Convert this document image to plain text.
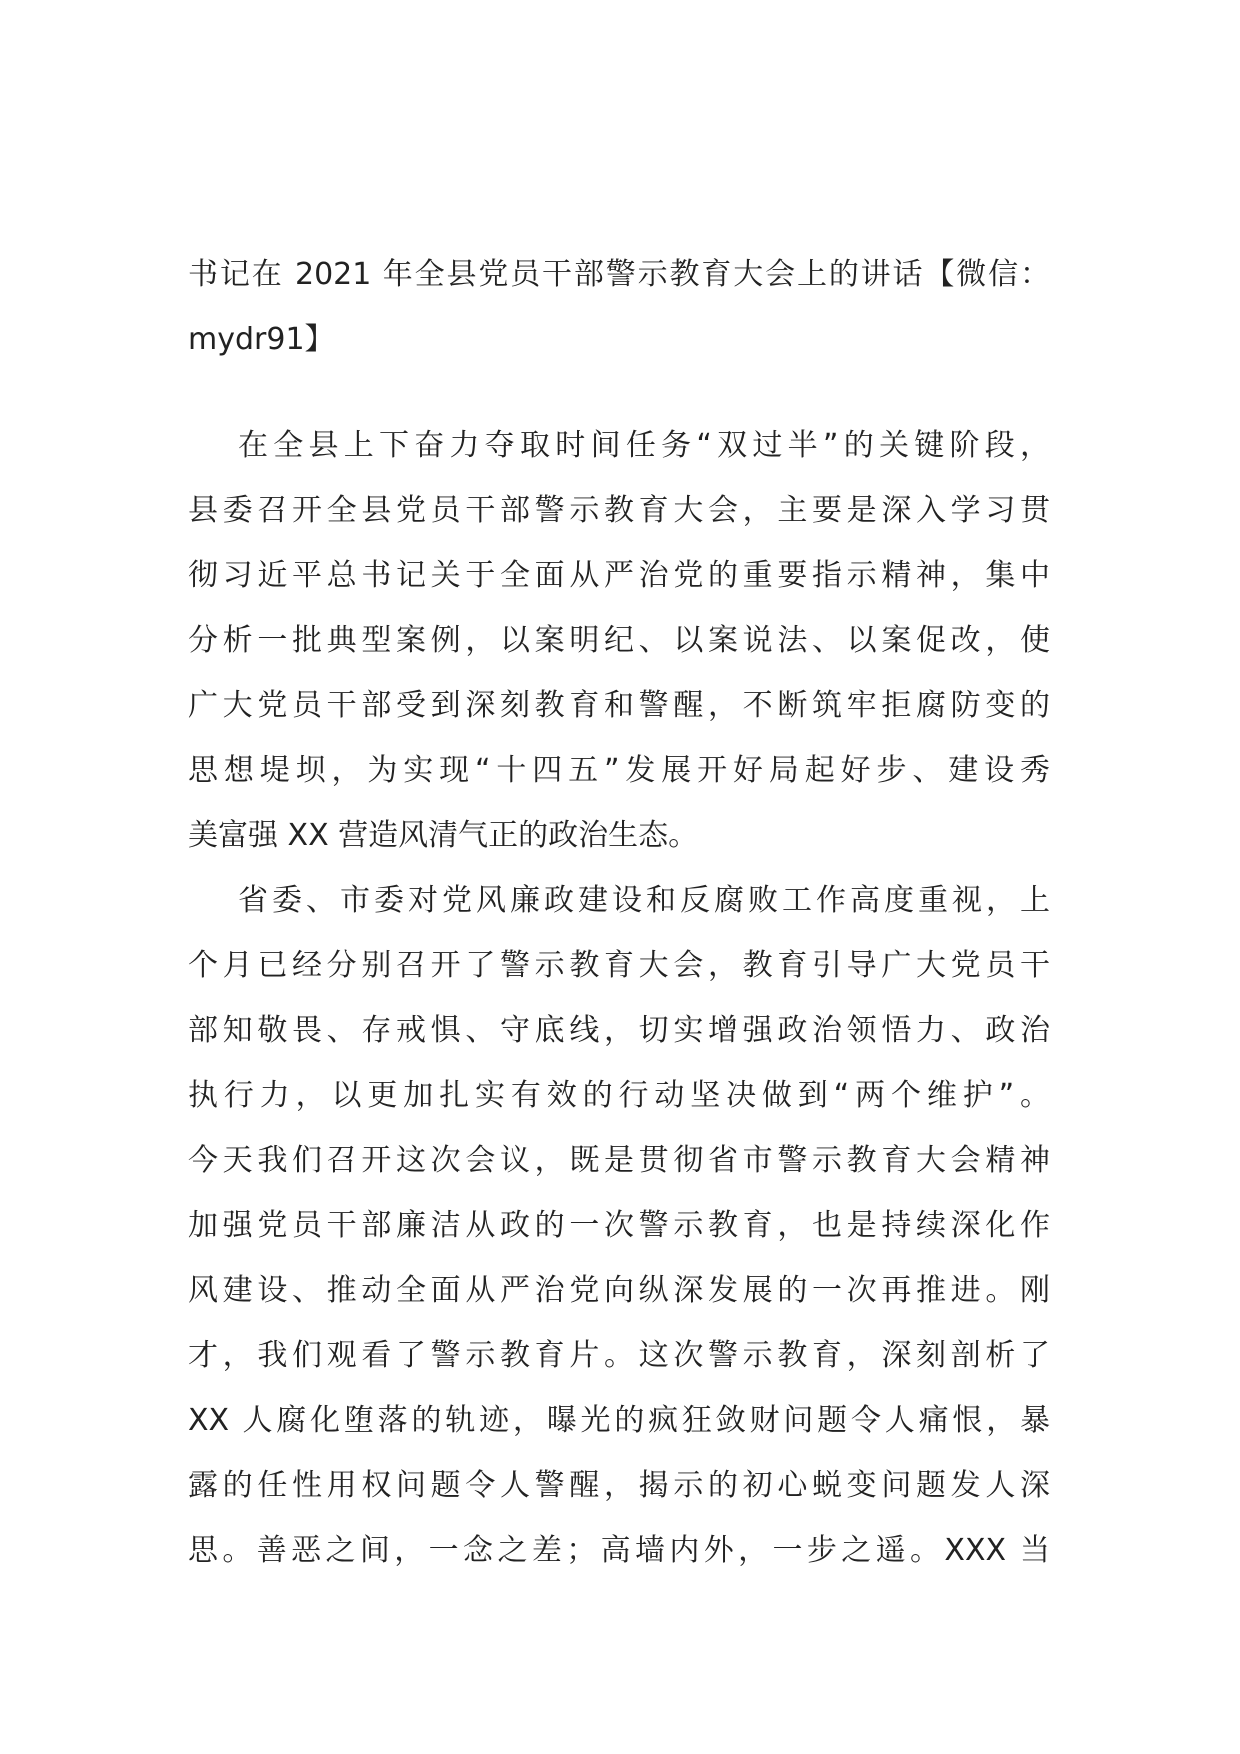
书记在 2021 年全县党员干部警示教育大会上的讲话【微信：
mydr91】
在全县上下奋力夺取时间任务“双过半”的关键阶段，
县委召开全县党员干部警示教育大会，主要是深入学习贯
彻习近平总书记关于全面从严治党的重要指示精神，集中
分析一批典型案例，以案明纪、以案说法、以案促改，使
广大党员干部受到深刻教育和警醒，不断筑牢拒腐防变的
思想堤坝，为实现“十四五”发展开好局起好步、建设秀
美富强 XX 营造风清气正的政治生态。
省委、市委对党风廉政建设和反腐败工作高度重视，上
个月已经分别召开了警示教育大会，教育引导广大党员干
部知敬畏、存戒惧、守底线，切实增强政治领悟力、政治
执行力，以更加扎实有效的行动坚决做到“两个维护”。
今天我们召开这次会议，既是贯彻省市警示教育大会精神
加强党员干部廉洁从政的一次警示教育，也是持续深化作
风建设、推动全面从严治党向纵深发展的一次再推进。刚
才，我们观看了警示教育片。这次警示教育，深刻剖析了
XX 人腐化堕落的轨迹，曝光的疯狂敛财问题令人痛恨，暴
露的任性用权问题令人警醒，揭示的初心蜕变问题发人深
思。善恶之间，一念之差；高墙内外，一步之遥。XXX 当
